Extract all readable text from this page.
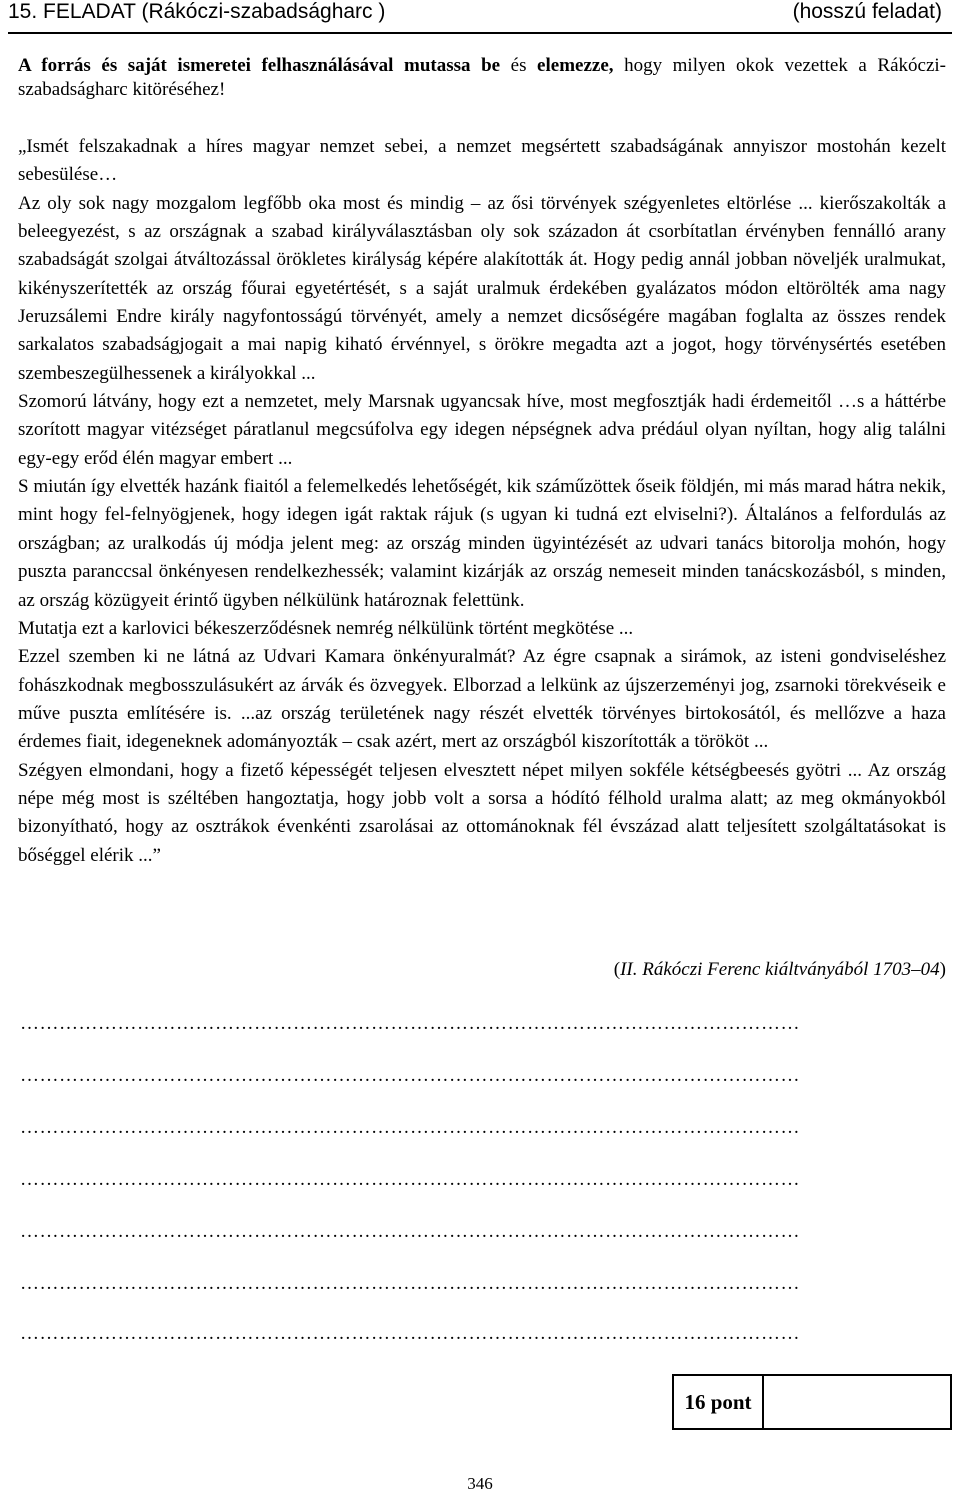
15. FELADAT (Rákóczi-szabadságharc )	(hosszú feladat)
A forrás és saját ismeretei felhasználásával mutassa be és elemezze, hogy milyen okok vezettek a Rákóczi-szabadságharc kitöréséhez!

„Ismét felszakadnak a híres magyar nemzet sebei, a nemzet megsértett szabadságának annyiszor mostohán kezelt sebesülése…

Az oly sok nagy mozgalom legfőbb oka most és mindig – az ősi törvények szégyenletes eltörlése ... kierőszakolták a beleegyezést, s az országnak a szabad királyválasztásban oly sok századon át csorbítatlan érvényben fennálló arany szabadságát szolgai átváltozással örökletes királyság képére alakították át. Hogy pedig annál jobban növeljék uralmukat, kikényszerítették az ország főurai egyetértését, s a saját uralmuk érdekében gyalázatos módon eltörölték ama nagy Jeruzsálemi Endre király nagyfontosságú törvényét, amely a nemzet dicsőségére magában foglalta az összes rendek sarkalatos szabadságjogait a mai napig kiható érvénnyel, s örökre megadta azt a jogot, hogy törvénysértés esetében szembeszegülhessenek a királyokkal ...

Szomorú látvány, hogy ezt a nemzetet, mely Marsnak ugyancsak híve, most megfosztják hadi érdemeitől …s a háttérbe szorított magyar vitézséget páratlanul megcsúfolva egy idegen népségnek adva prédául olyan nyíltan, hogy alig találni egy-egy erőd élén magyar embert ...

S miután így elvették hazánk fiaitól a felemelkedés lehetőségét, kik száműzöttek őseik földjén, mi más marad hátra nekik, mint hogy fel-felnyögjenek, hogy idegen igát raktak rájuk (s ugyan ki tudná ezt elviselni?). Általános a felfordulás az országban; az uralkodás új módja jelent meg: az ország minden ügyintézését az udvari tanács bitorolja mohón, hogy puszta paranccsal önkényesen rendelkezhessék; valamint kizárják az ország nemeseit minden tanácskozásból, s minden, az ország közügyeit érintő ügyben nélkülünk határoznak felettünk.

Mutatja ezt a karlovici békeszerződésnek nemrég nélkülünk történt megkötése ...

Ezzel szemben ki ne látná az Udvari Kamara önkényuralmát? Az égre csapnak a sirámok, az isteni gondviseléshez fohászkodnak megbosszulásukért az árvák és özvegyek. Elborzad a lelkünk az újszerzeményi jog, zsarnoki törekvéseik e műve puszta említésére is. ...az ország területének nagy részét elvették törvényes birtokosától, és mellőzve a haza érdemes fiait, idegeneknek adományozták – csak azért, mert az országból kiszorították a törököt ...

Szégyen elmondani, hogy a fizető képességét teljesen elvesztett népet milyen sokféle kétségbeesés gyötri ... Az ország népe még most is széltében hangoztatja, hogy jobb volt a sorsa a hódító félhold uralma alatt; az meg okmányokból bizonyítható, hogy az osztrákok évenkénti zsarolásai az ottománoknak fél évszázad alatt teljesített szolgáltatásokat is bőséggel elérik ...”

(II. Rákóczi Ferenc kiáltványából 1703–04)
…………………………………………………………………………………………………………
…………………………………………………………………………………………………………
…………………………………………………………………………………………………………
…………………………………………………………………………………………………………
…………………………………………………………………………………………………………
…………………………………………………………………………………………………………
…………………………………………………………………………………………………………
16 pont
346
